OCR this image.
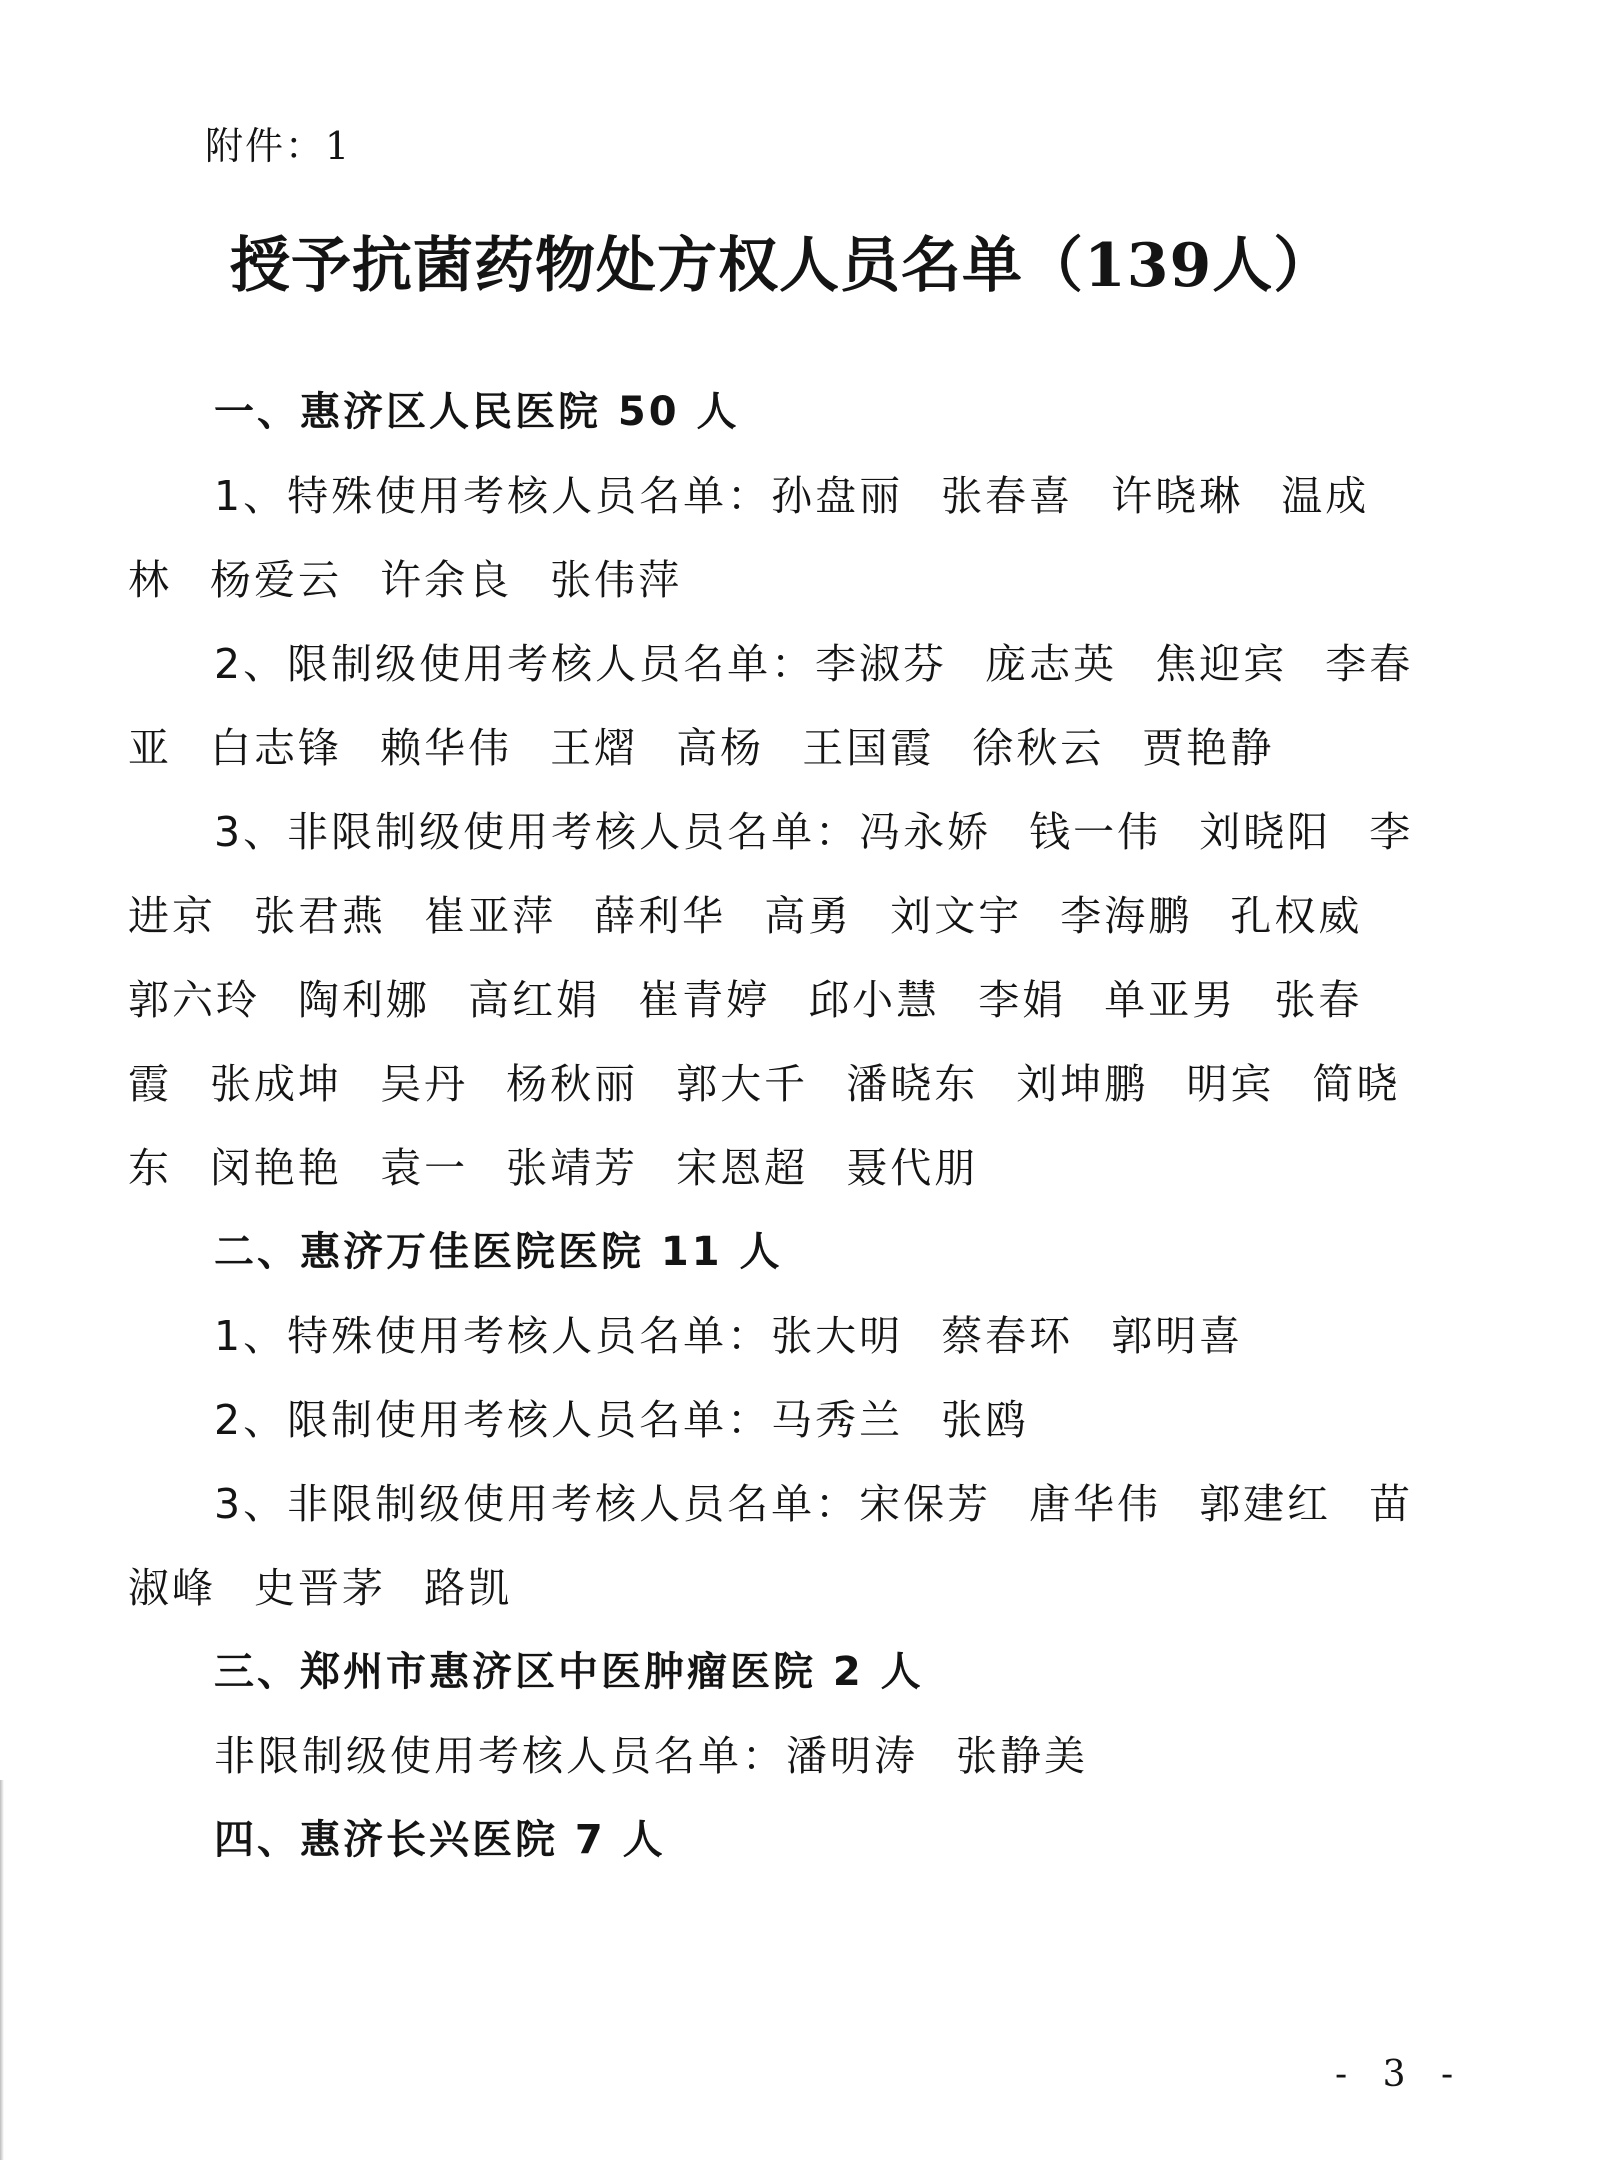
附件：1
授予抗菌药物处方权人员名单（139人）
一、惠济区人民医院 50 人

1、特殊使用考核人员名单：孙盘丽 张春喜 许晓琳 温成林 杨爱云 许余良 张伟萍

2、限制级使用考核人员名单：李淑芬 庞志英 焦迎宾 李春亚 白志锋 赖华伟 王熠 高杨 王国霞 徐秋云 贾艳静

3、非限制级使用考核人员名单：冯永娇 钱一伟 刘晓阳 李进京 张君燕 崔亚萍 薛利华 高勇 刘文宇 李海鹏 孔权威 郭六玲 陶利娜 高红娟 崔青婷 邱小慧 李娟 单亚男 张春霞 张成坤 吴丹 杨秋丽 郭大千 潘晓东 刘坤鹏 明宾 简晓东 闵艳艳 袁一 张靖芳 宋恩超 聂代朋

二、惠济万佳医院医院 11 人

1、特殊使用考核人员名单：张大明 蔡春环 郭明喜

2、限制使用考核人员名单：马秀兰 张鸥

3、非限制级使用考核人员名单：宋保芳 唐华伟 郭建红 苗淑峰 史晋茅 路凯

三、郑州市惠济区中医肿瘤医院 2 人

非限制级使用考核人员名单：潘明涛 张静美

四、惠济长兴医院 7 人
- 3 -
